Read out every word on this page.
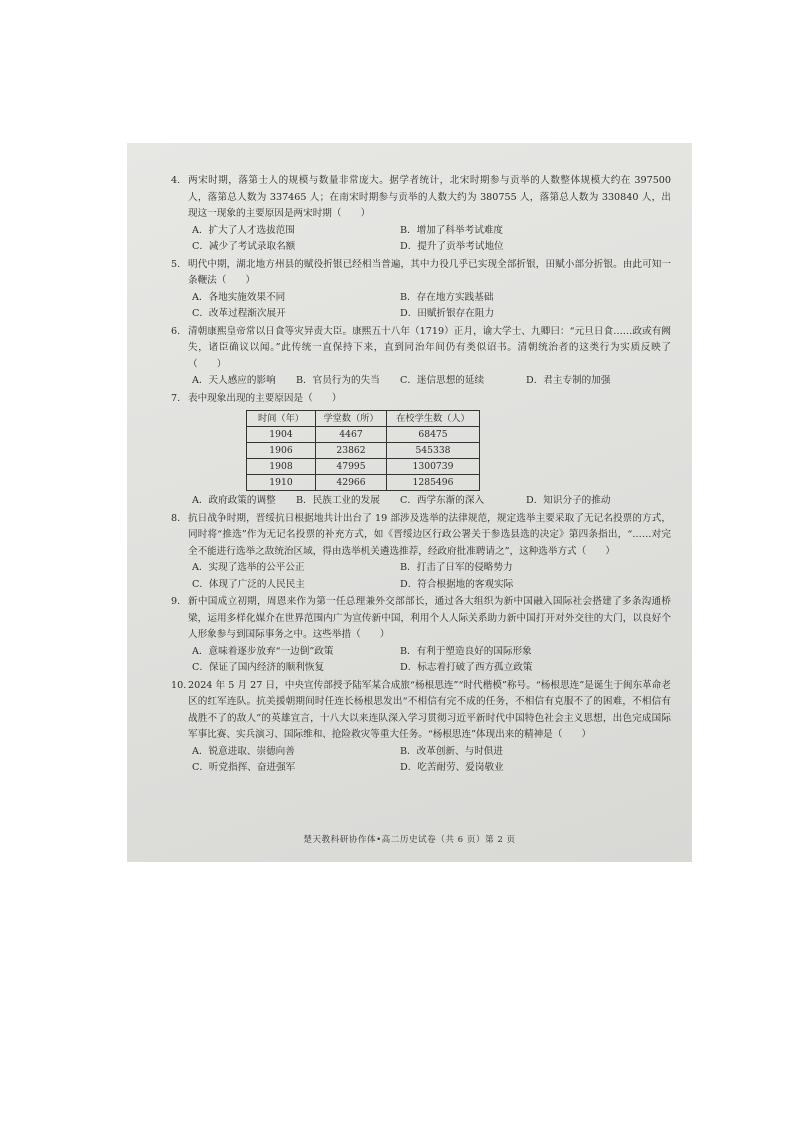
4. 两宋时期，落第士人的规模与数量非常庞大。据学者统计，北宋时期参与贡举的人数整体规模大约在 397500 人，落第总人数为 337465 人；在南宋时期参与贡举的人数大约为 380755 人，落第总人数为 330840 人，出现这一现象的主要原因是两宋时期（　　）
A．扩大了人才选拔范围	B．增加了科举考试难度
C．减少了考试录取名额	D．提升了贡举考试地位
5. 明代中期，湖北地方州县的赋役折银已经相当普遍，其中力役几乎已实现全部折银，田赋小部分折银。由此可知一条鞭法（　　）
A．各地实施效果不同	B．存在地方实践基础
C．改革过程渐次展开	D．田赋折银存在阻力
6. 清朝康熙皇帝常以日食等灾异责大臣。康熙五十八年（1719）正月，谕大学士、九卿曰：“元旦日食……政或有阙失，诸臣确议以闻。”此传统一直保持下来，直到同治年间仍有类似诏书。清朝统治者的这类行为实质反映了（　　）
A．天人感应的影响	B．官员行为的失当	C．迷信思想的延续	D．君主专制的加强
7. 表中现象出现的主要原因是（　　）
时间（年）	学堂数（所）	在校学生数（人）
1904	4467	68475
1906	23862	545338
1908	47995	1300739
1910	42966	1285496
A．政府政策的调整	B．民族工业的发展	C．西学东渐的深入	D．知识分子的推动
8. 抗日战争时期，晋绥抗日根据地共计出台了 19 部涉及选举的法律规范，规定选举主要采取了无记名投票的方式，同时将“推选”作为无记名投票的补充方式，如《晋绥边区行政公署关于参选县选的决定》第四条指出，“……对完全不能进行选举之敌统治区域，得由选举机关遴选推荐，经政府批准聘请之”，这种选举方式（　　）
A．实现了选举的公平公正	B．打击了日军的侵略势力
C．体现了广泛的人民民主	D．符合根据地的客观实际
9. 新中国成立初期，周恩来作为第一任总理兼外交部部长，通过各大组织为新中国融入国际社会搭建了多条沟通桥梁，运用多样化媒介在世界范围内广为宣传新中国，利用个人人际关系助力新中国打开对外交往的大门，以良好个人形象参与到国际事务之中。这些举措（　　）
A．意味着逐步放弃“一边倒”政策	B．有利于塑造良好的国际形象
C．保证了国内经济的顺利恢复	D．标志着打破了西方孤立政策
10. 2024 年 5 月 27 日，中央宣传部授予陆军某合成旅“杨根思连”“时代楷模”称号。“杨根思连”是诞生于闽东革命老区的红军连队。抗美援朝期间时任连长杨根思发出“不相信有完不成的任务，不相信有克服不了的困难，不相信有战胜不了的敌人”的英雄宣言，十八大以来连队深入学习贯彻习近平新时代中国特色社会主义思想，出色完成国际军事比赛、实兵演习、国际维和、抢险救灾等重大任务。“杨根思连”体现出来的精神是（　　）
A．锐意进取、崇德向善	B．改革创新、与时俱进
C．听党指挥、奋进强军	D．吃苦耐劳、爱岗敬业
楚天教科研协作体•高二历史试卷（共 6 页）第 2 页
